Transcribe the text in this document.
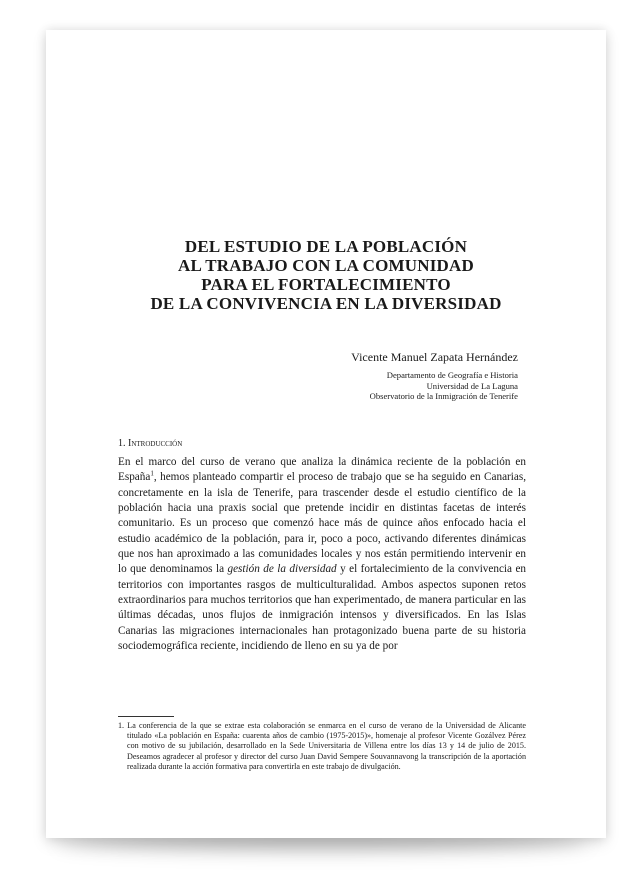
DEL ESTUDIO DE LA POBLACIÓN
AL TRABAJO CON LA COMUNIDAD
PARA EL FORTALECIMIENTO
DE LA CONVIVENCIA EN LA DIVERSIDAD
Vicente Manuel Zapata Hernández
Departamento de Geografía e Historia
Universidad de La Laguna
Observatorio de la Inmigración de Tenerife
1. Introducción

En el marco del curso de verano que analiza la dinámica reciente de la población en España$^1$, hemos planteado compartir el proceso de trabajo que se ha seguido en Canarias, concretamente en la isla de Tenerife, para trascender desde el estudio científico de la población hacia una praxis social que pretende incidir en distintas facetas de interés comunitario. Es un proceso que comenzó hace más de quince años enfocado hacia el estudio académico de la población, para ir, poco a poco, activando diferentes dinámicas que nos han aproximado a las comunidades locales y nos están permitiendo intervenir en lo que denominamos la gestión de la diversidad y el fortalecimiento de la convivencia en territorios con importantes rasgos de multiculturalidad. Ambos aspectos suponen retos extraordinarios para muchos territorios que han experimentado, de manera particular en las últimas décadas, unos flujos de inmigración intensos y diversificados. En las Islas Canarias las migraciones internacionales han protagonizado buena parte de su historia sociodemográfica reciente, incidiendo de lleno en su ya de por

1. La conferencia de la que se extrae esta colaboración se enmarca en el curso de verano de la Universidad de Alicante titulado «La población en España: cuarenta años de cambio (1975-2015)», homenaje al profesor Vicente Gozálvez Pérez con motivo de su jubilación, desarrollado en la Sede Universitaria de Villena entre los días 13 y 14 de julio de 2015. Deseamos agradecer al profesor y director del curso Juan David Sempere Souvannavong la transcripción de la aportación realizada durante la acción formativa para convertirla en este trabajo de divulgación.
